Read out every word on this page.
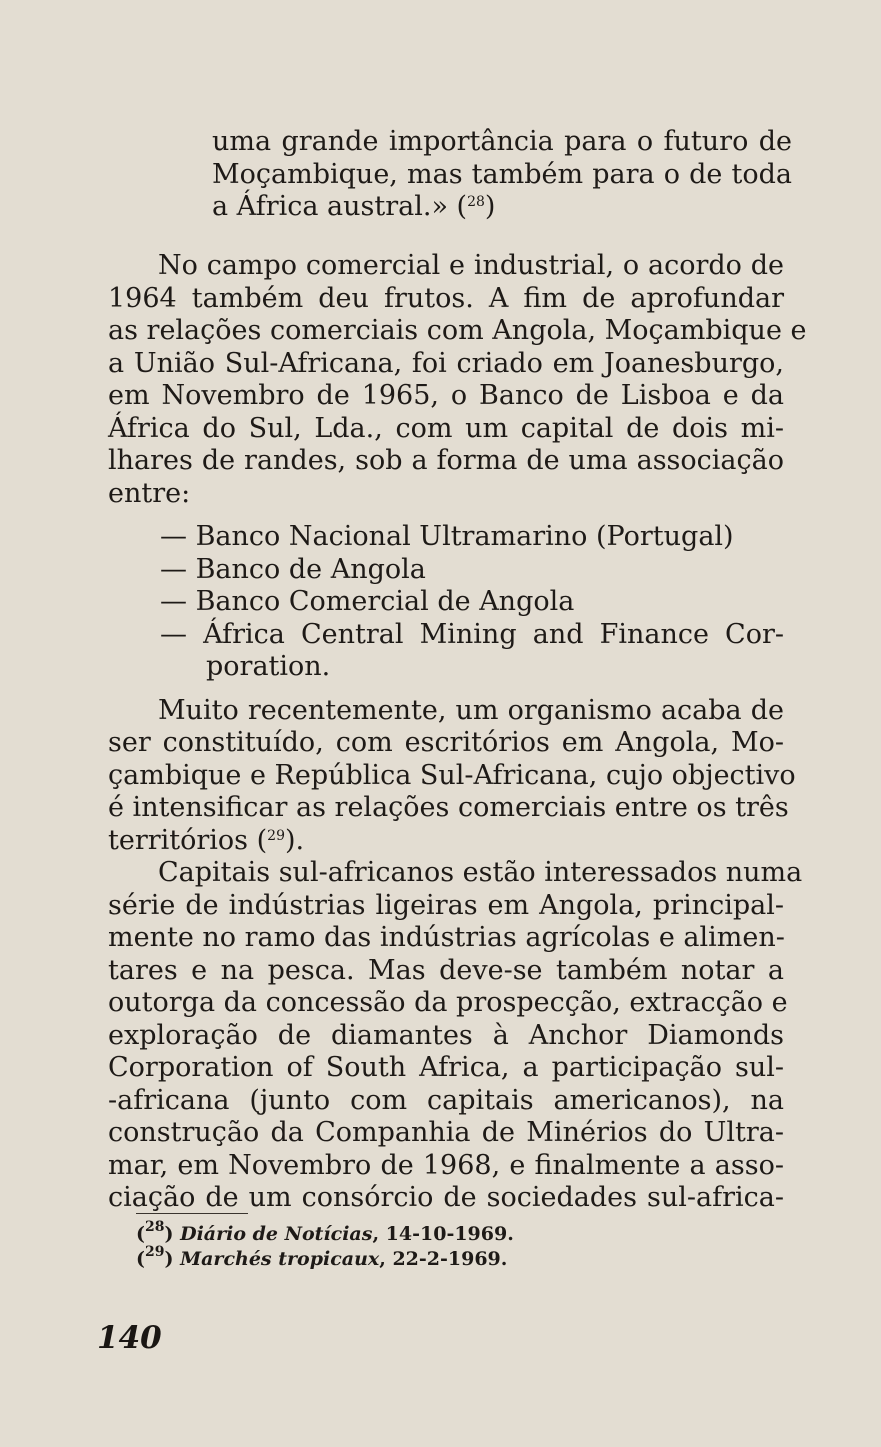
uma grande importância para o futuro de
Moçambique, mas também para o de toda
a África austral.» ($^{28}$)
No campo comercial e industrial, o acordo de
1964 também deu frutos. A fim de aprofundar
as relações comerciais com Angola, Moçambique e
a União Sul-Africana, foi criado em Joanesburgo,
em Novembro de 1965, o Banco de Lisboa e da
África do Sul, Lda., com um capital de dois mi-
lhares de randes, sob a forma de uma associação
entre:
— Banco Nacional Ultramarino (Portugal)
— Banco de Angola
— Banco Comercial de Angola
— África Central Mining and Finance Cor-
poration.
Muito recentemente, um organismo acaba de
ser constituído, com escritórios em Angola, Mo-
çambique e República Sul-Africana, cujo objectivo
é intensificar as relações comerciais entre os três
territórios ($^{29}$).
Capitais sul-africanos estão interessados numa
série de indústrias ligeiras em Angola, principal-
mente no ramo das indústrias agrícolas e alimen-
tares e na pesca. Mas deve-se também notar a
outorga da concessão da prospecção, extracção e
exploração de diamantes à Anchor Diamonds
Corporation of South Africa, a participação sul-
-africana (junto com capitais americanos), na
construção da Companhia de Minérios do Ultra-
mar, em Novembro de 1968, e finalmente a asso-
ciação de um consórcio de sociedades sul-africa-
($^{28}$) Diário de Notícias, 14-10-1969.
($^{29}$) Marchés tropicaux, 22-2-1969.
140
